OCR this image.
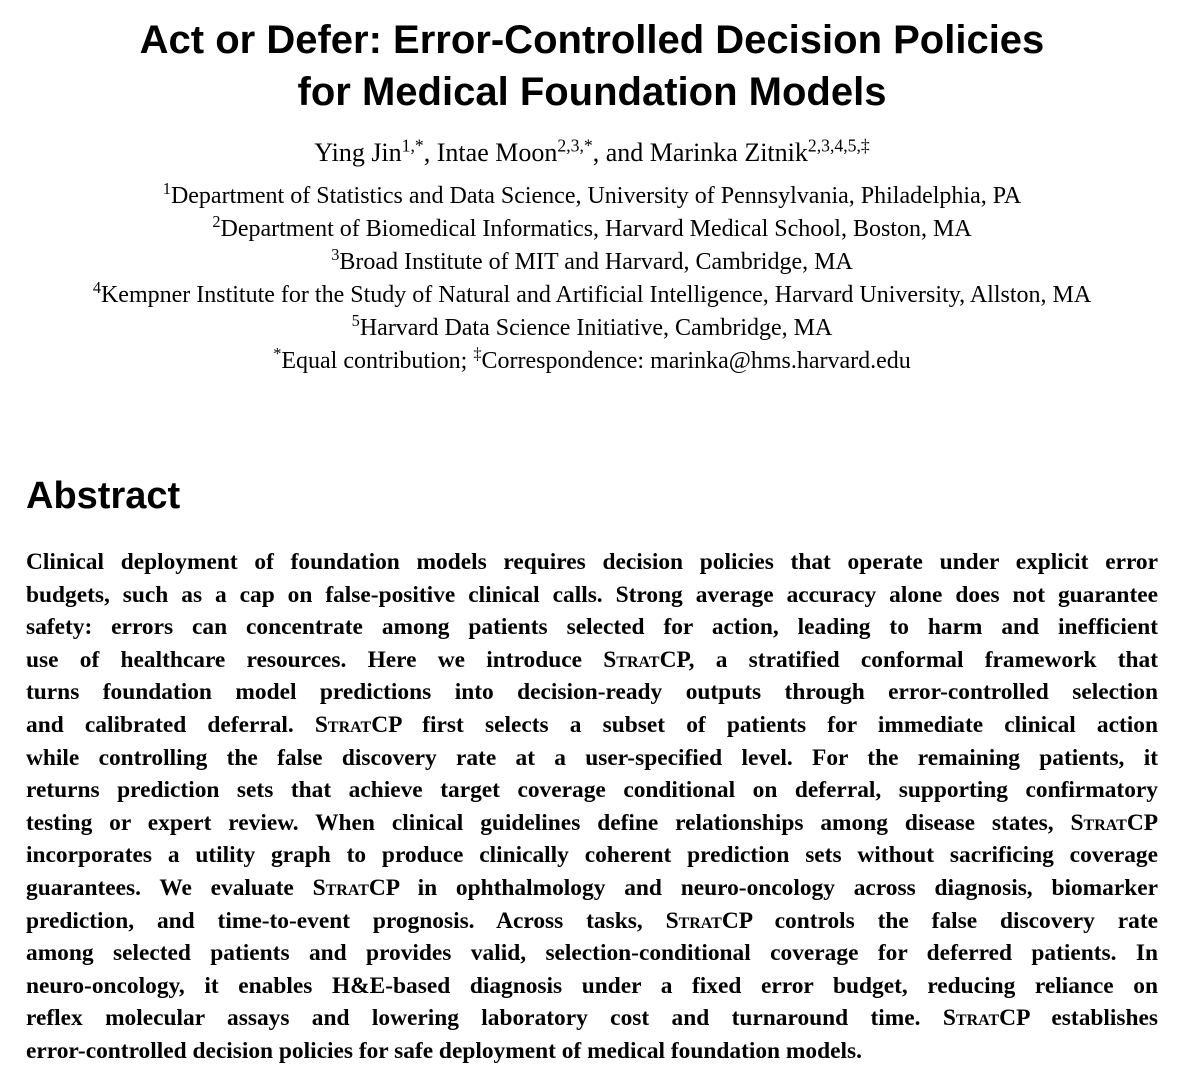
Act or Defer: Error-Controlled Decision Policies
for Medical Foundation Models
Ying Jin$^{1,*}$, Intae Moon$^{2,3,*}$, and Marinka Zitnik$^{2,3,4,5,\ddagger}$
$^1$Department of Statistics and Data Science, University of Pennsylvania, Philadelphia, PA
$^2$Department of Biomedical Informatics, Harvard Medical School, Boston, MA
$^3$Broad Institute of MIT and Harvard, Cambridge, MA
$^4$Kempner Institute for the Study of Natural and Artificial Intelligence, Harvard University, Allston, MA
$^5$Harvard Data Science Initiative, Cambridge, MA
*Equal contribution; ‡Correspondence: marinka@hms.harvard.edu
Abstract
Clinical deployment of foundation models requires decision policies that operate under explicit error
budgets, such as a cap on false-positive clinical calls. Strong average accuracy alone does not guarantee
safety: errors can concentrate among patients selected for action, leading to harm and inefficient
use of healthcare resources. Here we introduce StratCP, a stratified conformal framework that
turns foundation model predictions into decision-ready outputs through error-controlled selection
and calibrated deferral. StratCP first selects a subset of patients for immediate clinical action
while controlling the false discovery rate at a user-specified level. For the remaining patients, it
returns prediction sets that achieve target coverage conditional on deferral, supporting confirmatory
testing or expert review. When clinical guidelines define relationships among disease states, StratCP
incorporates a utility graph to produce clinically coherent prediction sets without sacrificing coverage
guarantees. We evaluate StratCP in ophthalmology and neuro-oncology across diagnosis, biomarker
prediction, and time-to-event prognosis. Across tasks, StratCP controls the false discovery rate
among selected patients and provides valid, selection-conditional coverage for deferred patients. In
neuro-oncology, it enables H&E-based diagnosis under a fixed error budget, reducing reliance on
reflex molecular assays and lowering laboratory cost and turnaround time. StratCP establishes
error-controlled decision policies for safe deployment of medical foundation models.
